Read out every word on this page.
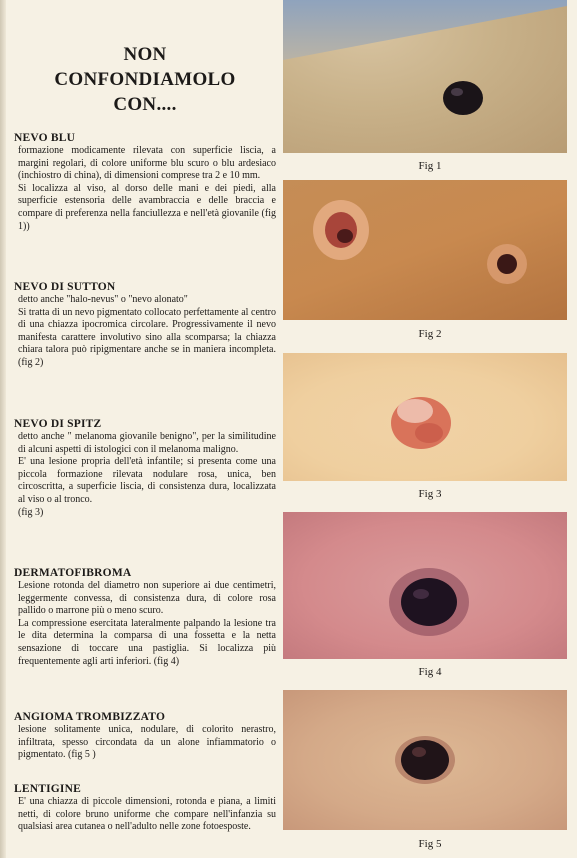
NON
CONFONDIAMOLO
CON....
NEVO BLU

formazione modicamente rilevata con superficie liscia, a margini regolari, di colore uniforme blu scuro o blu ardesiaco (inchiostro di china), di dimensioni comprese tra 2 e 10 mm.

Si localizza al viso, al dorso delle mani e dei piedi, alla superficie estensoria delle avambraccia e delle braccia e compare di preferenza nella fanciullezza e nell'età giovanile (fig 1))

NEVO DI SUTTON

detto anche "halo-nevus" o "nevo alonato"

Si tratta di un nevo pigmentato collocato perfettamente al centro di una chiazza ipocromica circolare. Progressivamente il nevo manifesta carattere involutivo sino alla scomparsa; la chiazza chiara talora può ripigmentare anche se in maniera incompleta. (fig 2)

NEVO DI SPITZ

detto anche " melanoma giovanile benigno", per la similitudine di alcuni aspetti di istologici con il melanoma maligno.

E' una lesione propria dell'età infantile; si presenta come una piccola formazione rilevata nodulare rosa, unica, ben circoscritta, a superficie liscia, di consistenza dura, localizzata al viso o al tronco.

(fig 3)

DERMATOFIBROMA

Lesione rotonda del diametro non superiore ai due centimetri, leggermente convessa, di consistenza dura, di colore rosa pallido o marrone più o meno scuro.

La compressione esercitata lateralmente palpando la lesione tra le dita determina la comparsa di una fossetta e la netta sensazione di toccare una pastiglia. Si localizza più frequentemente agli arti inferiori. (fig 4)

ANGIOMA TROMBIZZATO

lesione solitamente unica, nodulare, di colorito nerastro, infiltrata, spesso circondata da un alone infiammatorio o pigmentato. (fig 5 )

LENTIGINE

E' una chiazza di piccole dimensioni, rotonda e piana, a limiti netti, di colore bruno uniforme che compare nell'infanzia su qualsiasi area cutanea o nell'adulto nelle zone fotoesposte.

Fig 1
Fig 2
Fig 3
Fig 4
Fig 5
